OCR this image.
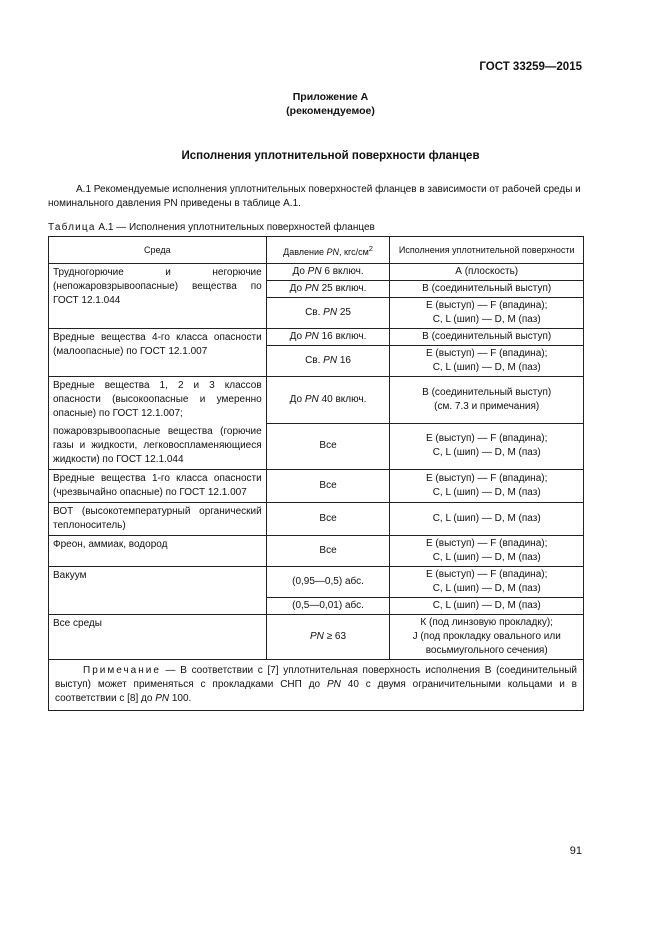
ГОСТ 33259—2015
Приложение А
(рекомендуемое)
Исполнения уплотнительной поверхности фланцев
А.1 Рекомендуемые исполнения уплотнительных поверхностей фланцев в зависимости от рабочей среды и номинального давления PN приведены в таблице А.1.
Таблица А.1 — Исполнения уплотнительных поверхностей фланцев
Среда	Давление PN, кгс/$см^2$	Исполнения уплотнительной поверхности
Трудногорючие и негорючие (непожаровзрывоопасные) вещества по ГОСТ 12.1.044	До PN 6 включ.	А (плоскость)
	До PN 25 включ.	В (соединительный выступ)
	Св. PN 25	Е (выступ) — F (впадина);
С, L (шип) — D, М (паз)

Вредные вещества 4-го класса опасности (малоопасные) по ГОСТ 12.1.007	До PN 16 включ.	В (соединительный выступ)
	Св. PN 16	Е (выступ) — F (впадина);
С, L (шип) — D, М (паз)

Вредные вещества 1, 2 и 3 классов опасности (высокоопасные и умеренно опасные) по ГОСТ 12.1.007;	До PN 40 включ.	В (соединительный выступ)
(см. 7.3 и примечания)

пожаровзрывоопасные вещества (горючие газы и жидкости, легковоспламеняющиеся жидкости) по ГОСТ 12.1.044	Все	Е (выступ) — F (впадина);
С, L (шип) — D, М (паз)

Вредные вещества 1-го класса опасности (чрезвычайно опасные) по ГОСТ 12.1.007	Все	Е (выступ) — F (впадина);
С, L (шип) — D, М (паз)

ВОТ (высокотемпературный органический теплоноситель)	Все	С, L (шип) — D, М (паз)
Фреон, аммиак, водород	Все	Е (выступ) — F (впадина);
С, L (шип) — D, М (паз)

Вакуум	(0,95—0,5) абс.	Е (выступ) — F (впадина);
С, L (шип) — D, М (паз)

	(0,5—0,01) абс.	С, L (шип) — D, М (паз)
Все среды	PN ≥ 63	К (под линзовую прокладку);
J (под прокладку овального или восьмиугольного сечения)

Примечание — В соответствии с [7] уплотнительная поверхность исполнения В (соединительный выступ) может применяться с прокладками СНП до PN 40 с двумя ограничительными кольцами и в соответствии с [8] до PN 100.		
91
